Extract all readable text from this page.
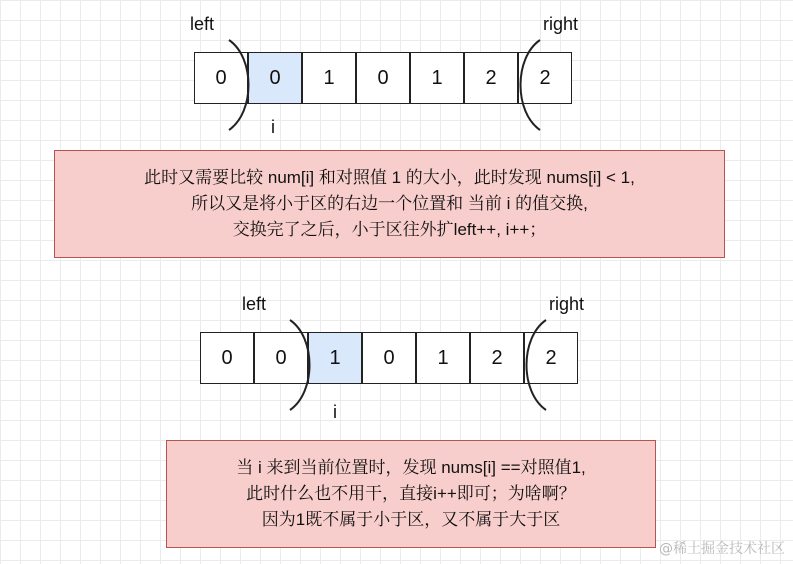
0	0	1	0	1	2	2
left	right
i
此时又需要比较 num[i] 和对照值 1 的大小，此时发现 nums[i] < 1,
所以又是将小于区的右边一个位置和 当前 i 的值交换,
交换完了之后，小于区往外扩left++, i++；
0	0	1	0	1	2	2
left	right
i
当 i 来到当前位置时，发现 nums[i] ==对照值1,
此时什么也不用干，直接i++即可；为啥啊？
因为1既不属于小于区，又不属于大于区
@稀土掘金技术社区
